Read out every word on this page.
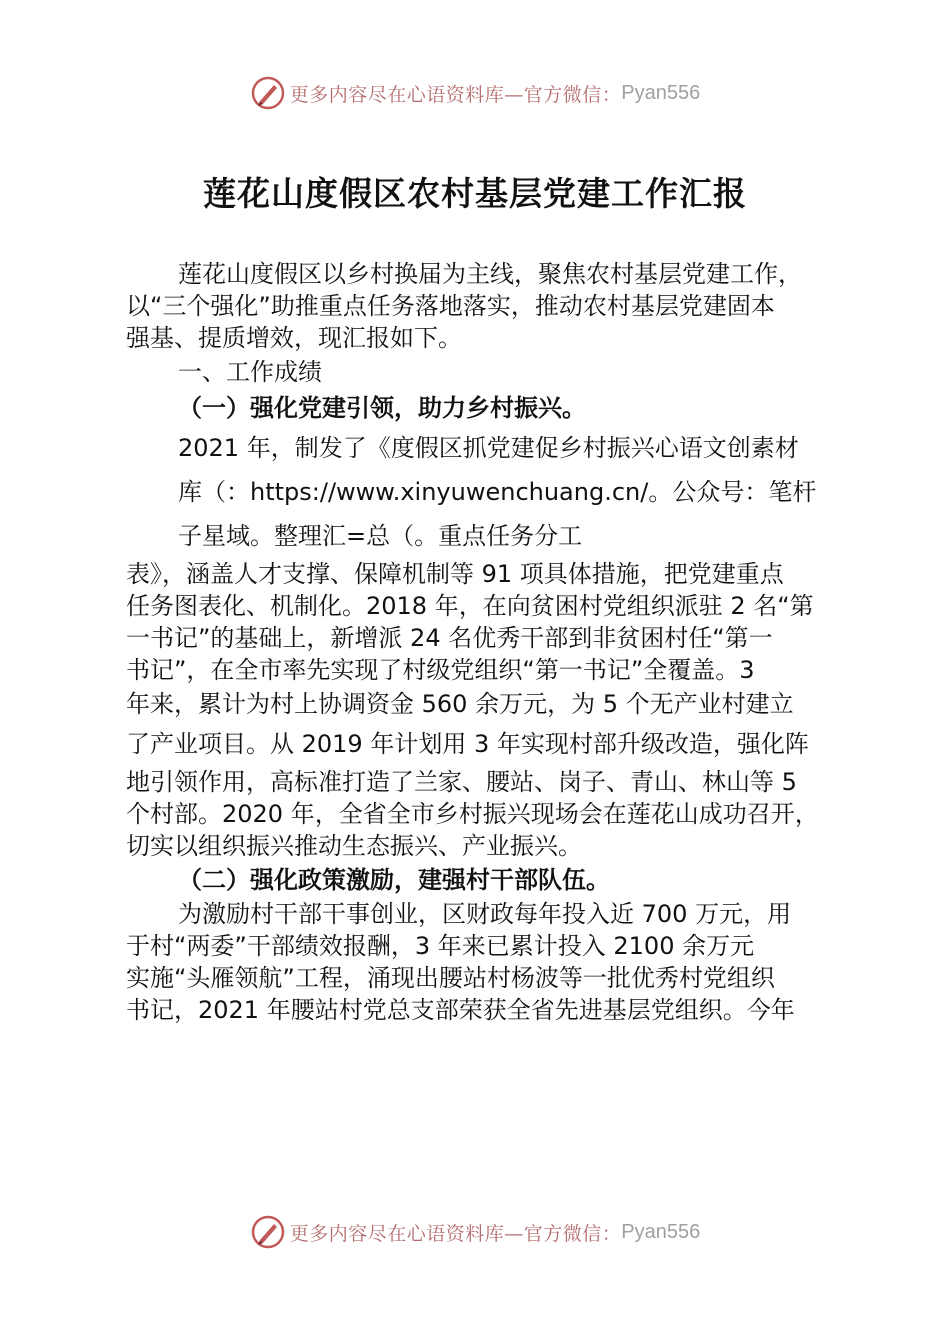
更多内容尽在心语资料库—官方微信： Pyan556
莲花山度假区农村基层党建工作汇报
莲花山度假区以乡村换届为主线，聚焦农村基层党建工作，
以“三个强化”助推重点任务落地落实，推动农村基层党建固本
强基、提质增效，现汇报如下。
一、工作成绩
（一）强化党建引领，助力乡村振兴。
2021 年，制发了《度假区抓党建促乡村振兴心语文创素材
库（：https://www.xinyuwenchuang.cn/。公众号：笔杆
子星域。整理汇=总（。重点任务分工
表》，涵盖人才支撑、保障机制等 91 项具体措施，把党建重点
任务图表化、机制化。2018 年，在向贫困村党组织派驻 2 名“第
一书记”的基础上，新增派 24 名优秀干部到非贫困村任“第一
书记”，在全市率先实现了村级党组织“第一书记”全覆盖。3
年来，累计为村上协调资金 560 余万元，为 5 个无产业村建立
了产业项目。从 2019 年计划用 3 年实现村部升级改造，强化阵
地引领作用，高标准打造了兰家、腰站、岗子、青山、林山等 5
个村部。2020 年，全省全市乡村振兴现场会在莲花山成功召开，
切实以组织振兴推动生态振兴、产业振兴。
（二）强化政策激励，建强村干部队伍。
为激励村干部干事创业，区财政每年投入近 700 万元，用
于村“两委”干部绩效报酬，3 年来已累计投入 2100 余万元
实施“头雁领航”工程，涌现出腰站村杨波等一批优秀村党组织
书记，2021 年腰站村党总支部荣获全省先进基层党组织。今年
更多内容尽在心语资料库—官方微信： Pyan556
